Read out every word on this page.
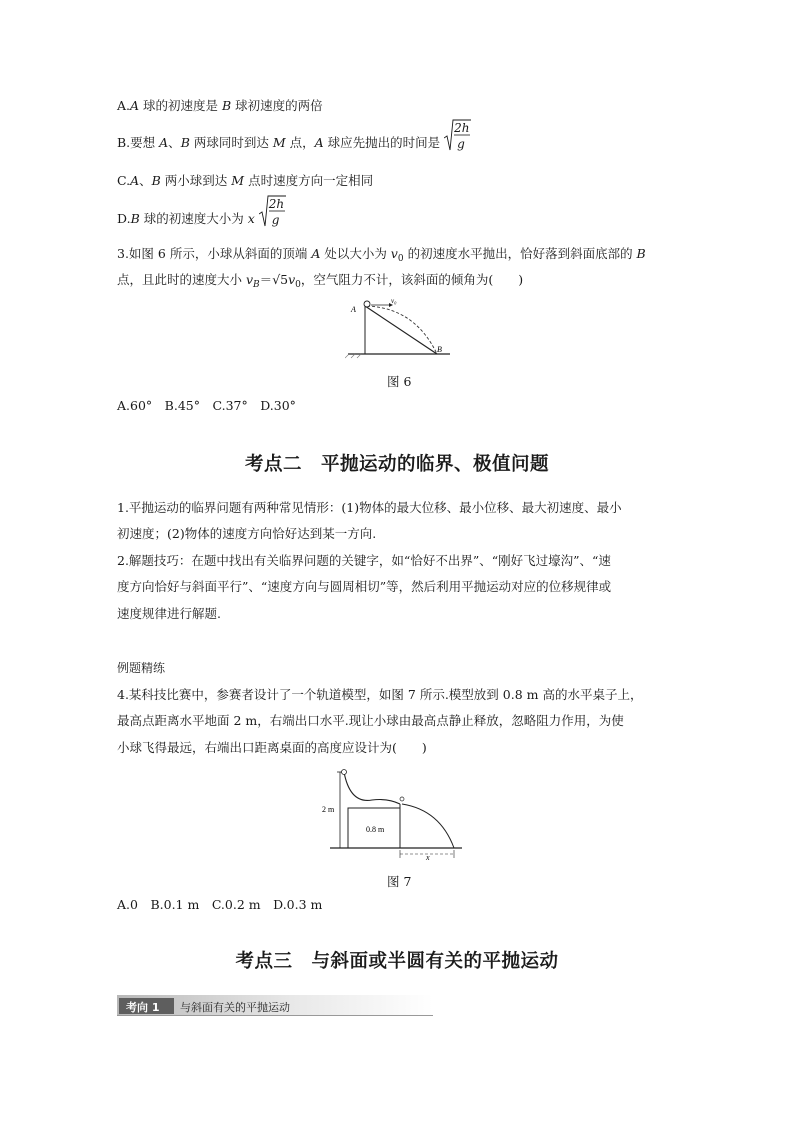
A.A 球的初速度是 B 球初速度的两倍
B.要想 A、B 两球同时到达 M 点，A 球应先抛出的时间是
2h
g
C.A、B 两小球到达 M 点时速度方向一定相同
D.B 球的初速度大小为 x
2h
g
3.如图 6 所示，小球从斜面的顶端 A 处以大小为 $v_0$ 的初速度水平抛出，恰好落到斜面底部的 B
点，且此时的速度大小 $v_B=√5v_0$，空气阻力不计，该斜面的倾角为(　　)
A
B
v₀
图 6
A.60°　B.45°　C.37°　D.30°
考点二　平抛运动的临界、极值问题
1.平抛运动的临界问题有两种常见情形：(1)物体的最大位移、最小位移、最大初速度、最小
初速度；(2)物体的速度方向恰好达到某一方向.
2.解题技巧：在题中找出有关临界问题的关键字，如“恰好不出界”、“刚好飞过壕沟”、“速
度方向恰好与斜面平行”、“速度方向与圆周相切”等，然后利用平抛运动对应的位移规律或
速度规律进行解题.
例题精练
4.某科技比赛中，参赛者设计了一个轨道模型，如图 7 所示.模型放到 0.8 m 高的水平桌子上，
最高点距离水平地面 2 m，右端出口水平.现让小球由最高点静止释放，忽略阻力作用，为使
小球飞得最远，右端出口距离桌面的高度应设计为(　　)
2 m
0.8 m
x
图 7
A.0　B.0.1 m　C.0.2 m　D.0.3 m
考点三　与斜面或半圆有关的平抛运动
考向 1 与斜面有关的平抛运动
